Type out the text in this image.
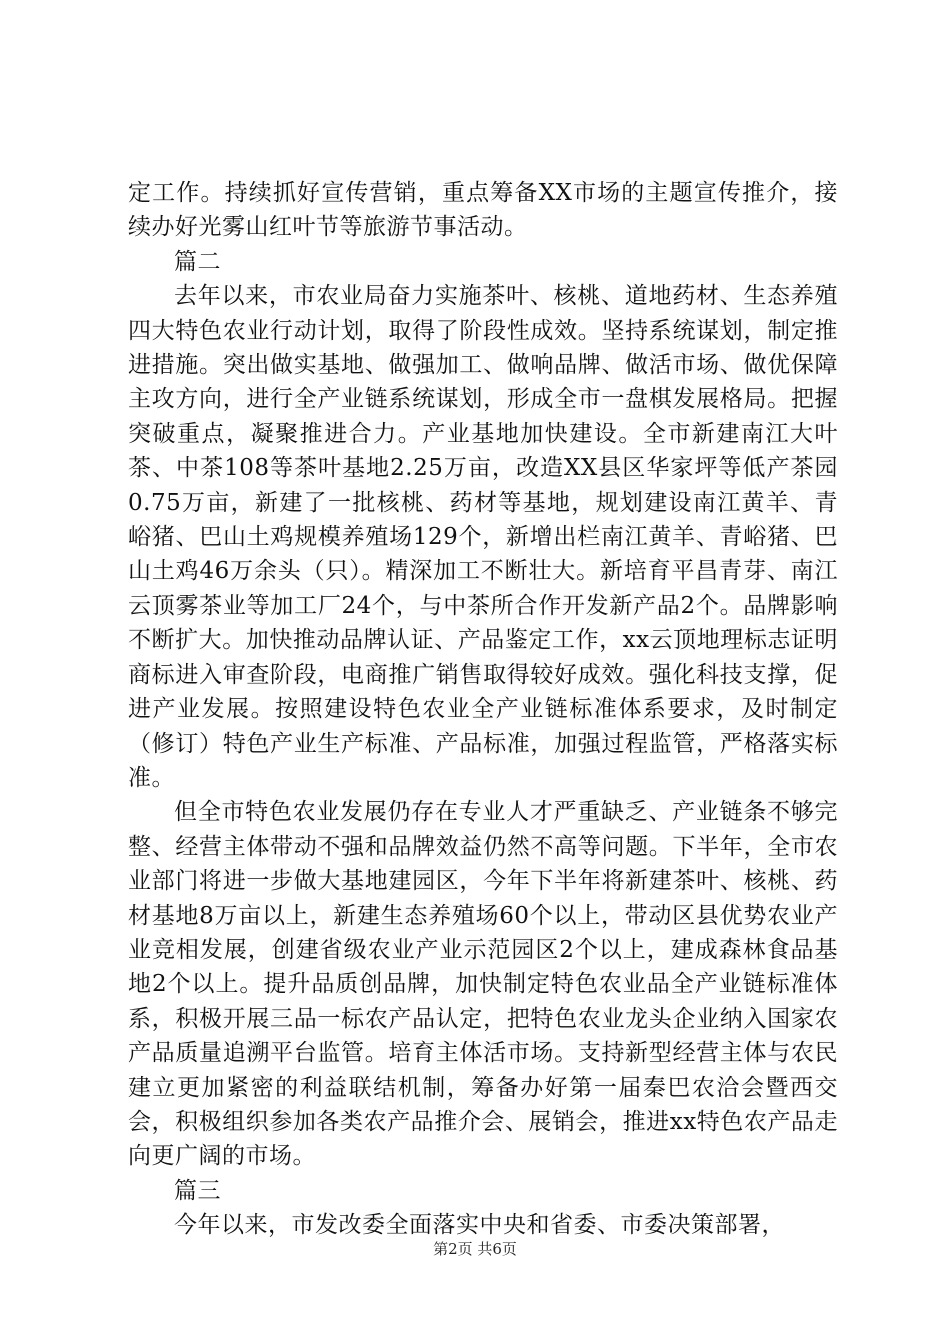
定工作。持续抓好宣传营销，重点筹备XX市场的主题宣传推介，接续办好光雾山红叶节等旅游节事活动。

篇二

去年以来，市农业局奋力实施茶叶、核桃、道地药材、生态养殖四大特色农业行动计划，取得了阶段性成效。坚持系统谋划，制定推进措施。突出做实基地、做强加工、做响品牌、做活市场、做优保障主攻方向，进行全产业链系统谋划，形成全市一盘棋发展格局。把握突破重点，凝聚推进合力。产业基地加快建设。全市新建南江大叶茶、中茶108等茶叶基地2.25万亩，改造XX县区华家坪等低产茶园0.75万亩，新建了一批核桃、药材等基地，规划建设南江黄羊、青峪猪、巴山土鸡规模养殖场129个，新增出栏南江黄羊、青峪猪、巴山土鸡46万余头（只）。精深加工不断壮大。新培育平昌青芽、南江云顶雾茶业等加工厂24个，与中茶所合作开发新产品2个。品牌影响不断扩大。加快推动品牌认证、产品鉴定工作，xx云顶地理标志证明商标进入审查阶段，电商推广销售取得较好成效。强化科技支撑，促进产业发展。按照建设特色农业全产业链标准体系要求，及时制定（修订）特色产业生产标准、产品标准，加强过程监管，严格落实标准。

但全市特色农业发展仍存在专业人才严重缺乏、产业链条不够完整、经营主体带动不强和品牌效益仍然不高等问题。下半年，全市农业部门将进一步做大基地建园区，今年下半年将新建茶叶、核桃、药材基地8万亩以上，新建生态养殖场60个以上，带动区县优势农业产业竞相发展，创建省级农业产业示范园区2个以上，建成森林食品基地2个以上。提升品质创品牌，加快制定特色农业品全产业链标准体系，积极开展三品一标农产品认定，把特色农业龙头企业纳入国家农产品质量追溯平台监管。培育主体活市场。支持新型经营主体与农民建立更加紧密的利益联结机制，筹备办好第一届秦巴农洽会暨西交会，积极组织参加各类农产品推介会、展销会，推进xx特色农产品走向更广阔的市场。

篇三

今年以来，市发改委全面落实中央和省委、市委决策部署，

第2页 共6页
